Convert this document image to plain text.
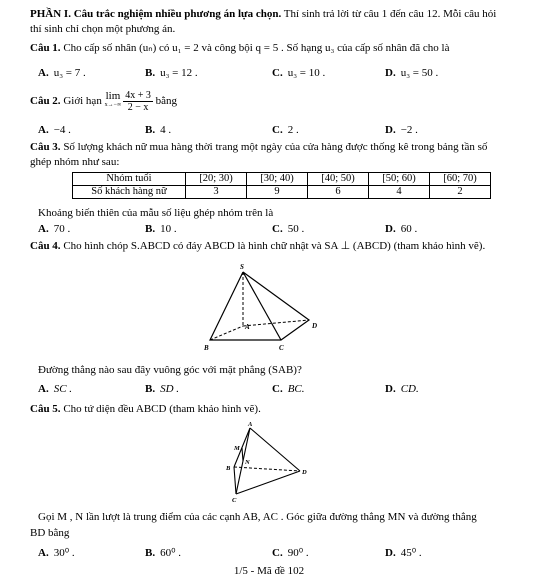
PHẦN I. Câu trắc nghiệm nhiều phương án lựa chọn. Thí sinh trả lời từ câu 1 đến câu 12. Mỗi câu hỏi
thí sinh chỉ chọn một phương án.
Câu 1. Cho cấp số nhân (uₙ) có u₁ = 2 và công bội q = 5 . Số hạng u₃ của cấp số nhân đã cho là
A. u₃ = 7 .	B. u₃ = 12 .	C. u₃ = 10 .	D. u₃ = 50 .
Câu 2. Giới hạn lim
$x\to-\infty \frac{4x + 3}{2 - x}$ bằng
A. −4 .	B. 4 .	C. 2 .	D. −2 .
Câu 3. Số lượng khách nữ mua hàng thời trang một ngày của cửa hàng được thống kê trong bảng tần số
ghép nhóm như sau:
Nhóm tuổi	[20; 30)	[30; 40)	[40; 50)	[50; 60)	[60; 70)
Số khách hàng nữ	3	9	6	4	2
Khoảng biến thiên của mẫu số liệu ghép nhóm trên là
A. 70 .	B. 10 .	C. 50 .	D. 60 .
Câu 4. Cho hình chóp S.ABCD có đáy ABCD là hình chữ nhật và SA ⊥ (ABCD) (tham khảo hình vẽ).
S
A
B	C
D
Đường thẳng nào sau đây vuông góc với mặt phẳng (SAB)?
A. SC .	B. SD .	C. BC.	D. CD.
Câu 5. Cho tứ diện đều ABCD (tham khảo hình vẽ).
A
B
C
D
M
N
Gọi M , N lần lượt là trung điểm của các cạnh AB, AC . Góc giữa đường thẳng MN và đường thẳng
BD bằng
A. 30⁰ .	B. 60⁰ .	C. 90⁰ .	D. 45⁰ .
1/5 - Mã đề 102
